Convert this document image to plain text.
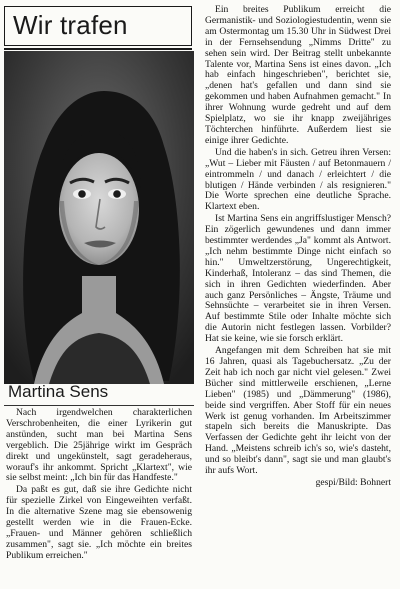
Wir trafen
Martina Sens

Nach irgendwelchen charakterlichen Verschrobenheiten, die einer Lyrikerin gut anstünden, sucht man bei Martina Sens vergeblich. Die 25jährige wirkt im Gespräch direkt und ungekünstelt, sagt geradeheraus, worauf's ihr ankommt. Spricht „Klartext", wie sie selbst meint: „Ich bin für das Handfeste."

Da paßt es gut, daß sie ihre Gedichte nicht für spezielle Zirkel von Eingeweihten verfaßt. In die alternative Szene mag sie ebensowenig gestellt werden wie in die Frauen-Ecke. „Frauen- und Männer gehören schließlich zusammen", sagt sie. „Ich möchte ein breites Publikum erreichen."

Ein breites Publikum erreicht die Germanistik- und Soziologiestudentin, wenn sie am Ostermontag um 15.30 Uhr in Südwest Drei in der Fernsehsendung „Nimms Dritte" zu sehen sein wird. Der Beitrag stellt unbekannte Talente vor, Martina Sens ist eines davon. „Ich hab einfach hingeschrieben", berichtet sie, „denen hat's gefallen und dann sind sie gekommen und haben Aufnahmen gemacht." In ihrer Wohnung wurde gedreht und auf dem Spielplatz, wo sie ihr knapp zweijähriges Töchterchen hinführte. Außerdem liest sie einige ihrer Gedichte.

Und die haben's in sich. Getreu ihren Versen: „Wut – Lieber mit Fäusten / auf Betonmauern / eintrommeln / und danach / erleichtert / die blutigen / Hände verbinden / als resignieren." Die Worte sprechen eine deutliche Sprache. Klartext eben.

Ist Martina Sens ein angriffslustiger Mensch? Ein zögerlich gewundenes und dann immer bestimmter werdendes „Ja" kommt als Antwort. „Ich nehm bestimmte Dinge nicht einfach so hin." Umweltzerstörung, Ungerechtigkeit, Kinderhaß, Intoleranz – das sind Themen, die sich in ihren Gedichten wiederfinden. Aber auch ganz Persönliches – Ängste, Träume und Sehnsüchte – verarbeitet sie in ihren Versen. Auf bestimmte Stile oder Inhalte möchte sich die Autorin nicht festlegen lassen. Vorbilder? Hat sie keine, wie sie forsch erklärt.

Angefangen mit dem Schreiben hat sie mit 16 Jahren, quasi als Tagebuchersatz. „Zu der Zeit hab ich noch gar nicht viel gelesen." Zwei Bücher sind mittlerweile erschienen, „Lerne Lieben" (1985) und „Dämmerung" (1986), beide sind vergriffen. Aber Stoff für ein neues Werk ist genug vorhanden. Im Arbeitszimmer stapeln sich bereits die Manuskripte. Das Verfassen der Gedichte geht ihr leicht von der Hand. „Meistens schreib ich's so, wie's dasteht, und so bleibt's dann", sagt sie und man glaubt's ihr aufs Wort.

gespi/Bild: Bohnert
